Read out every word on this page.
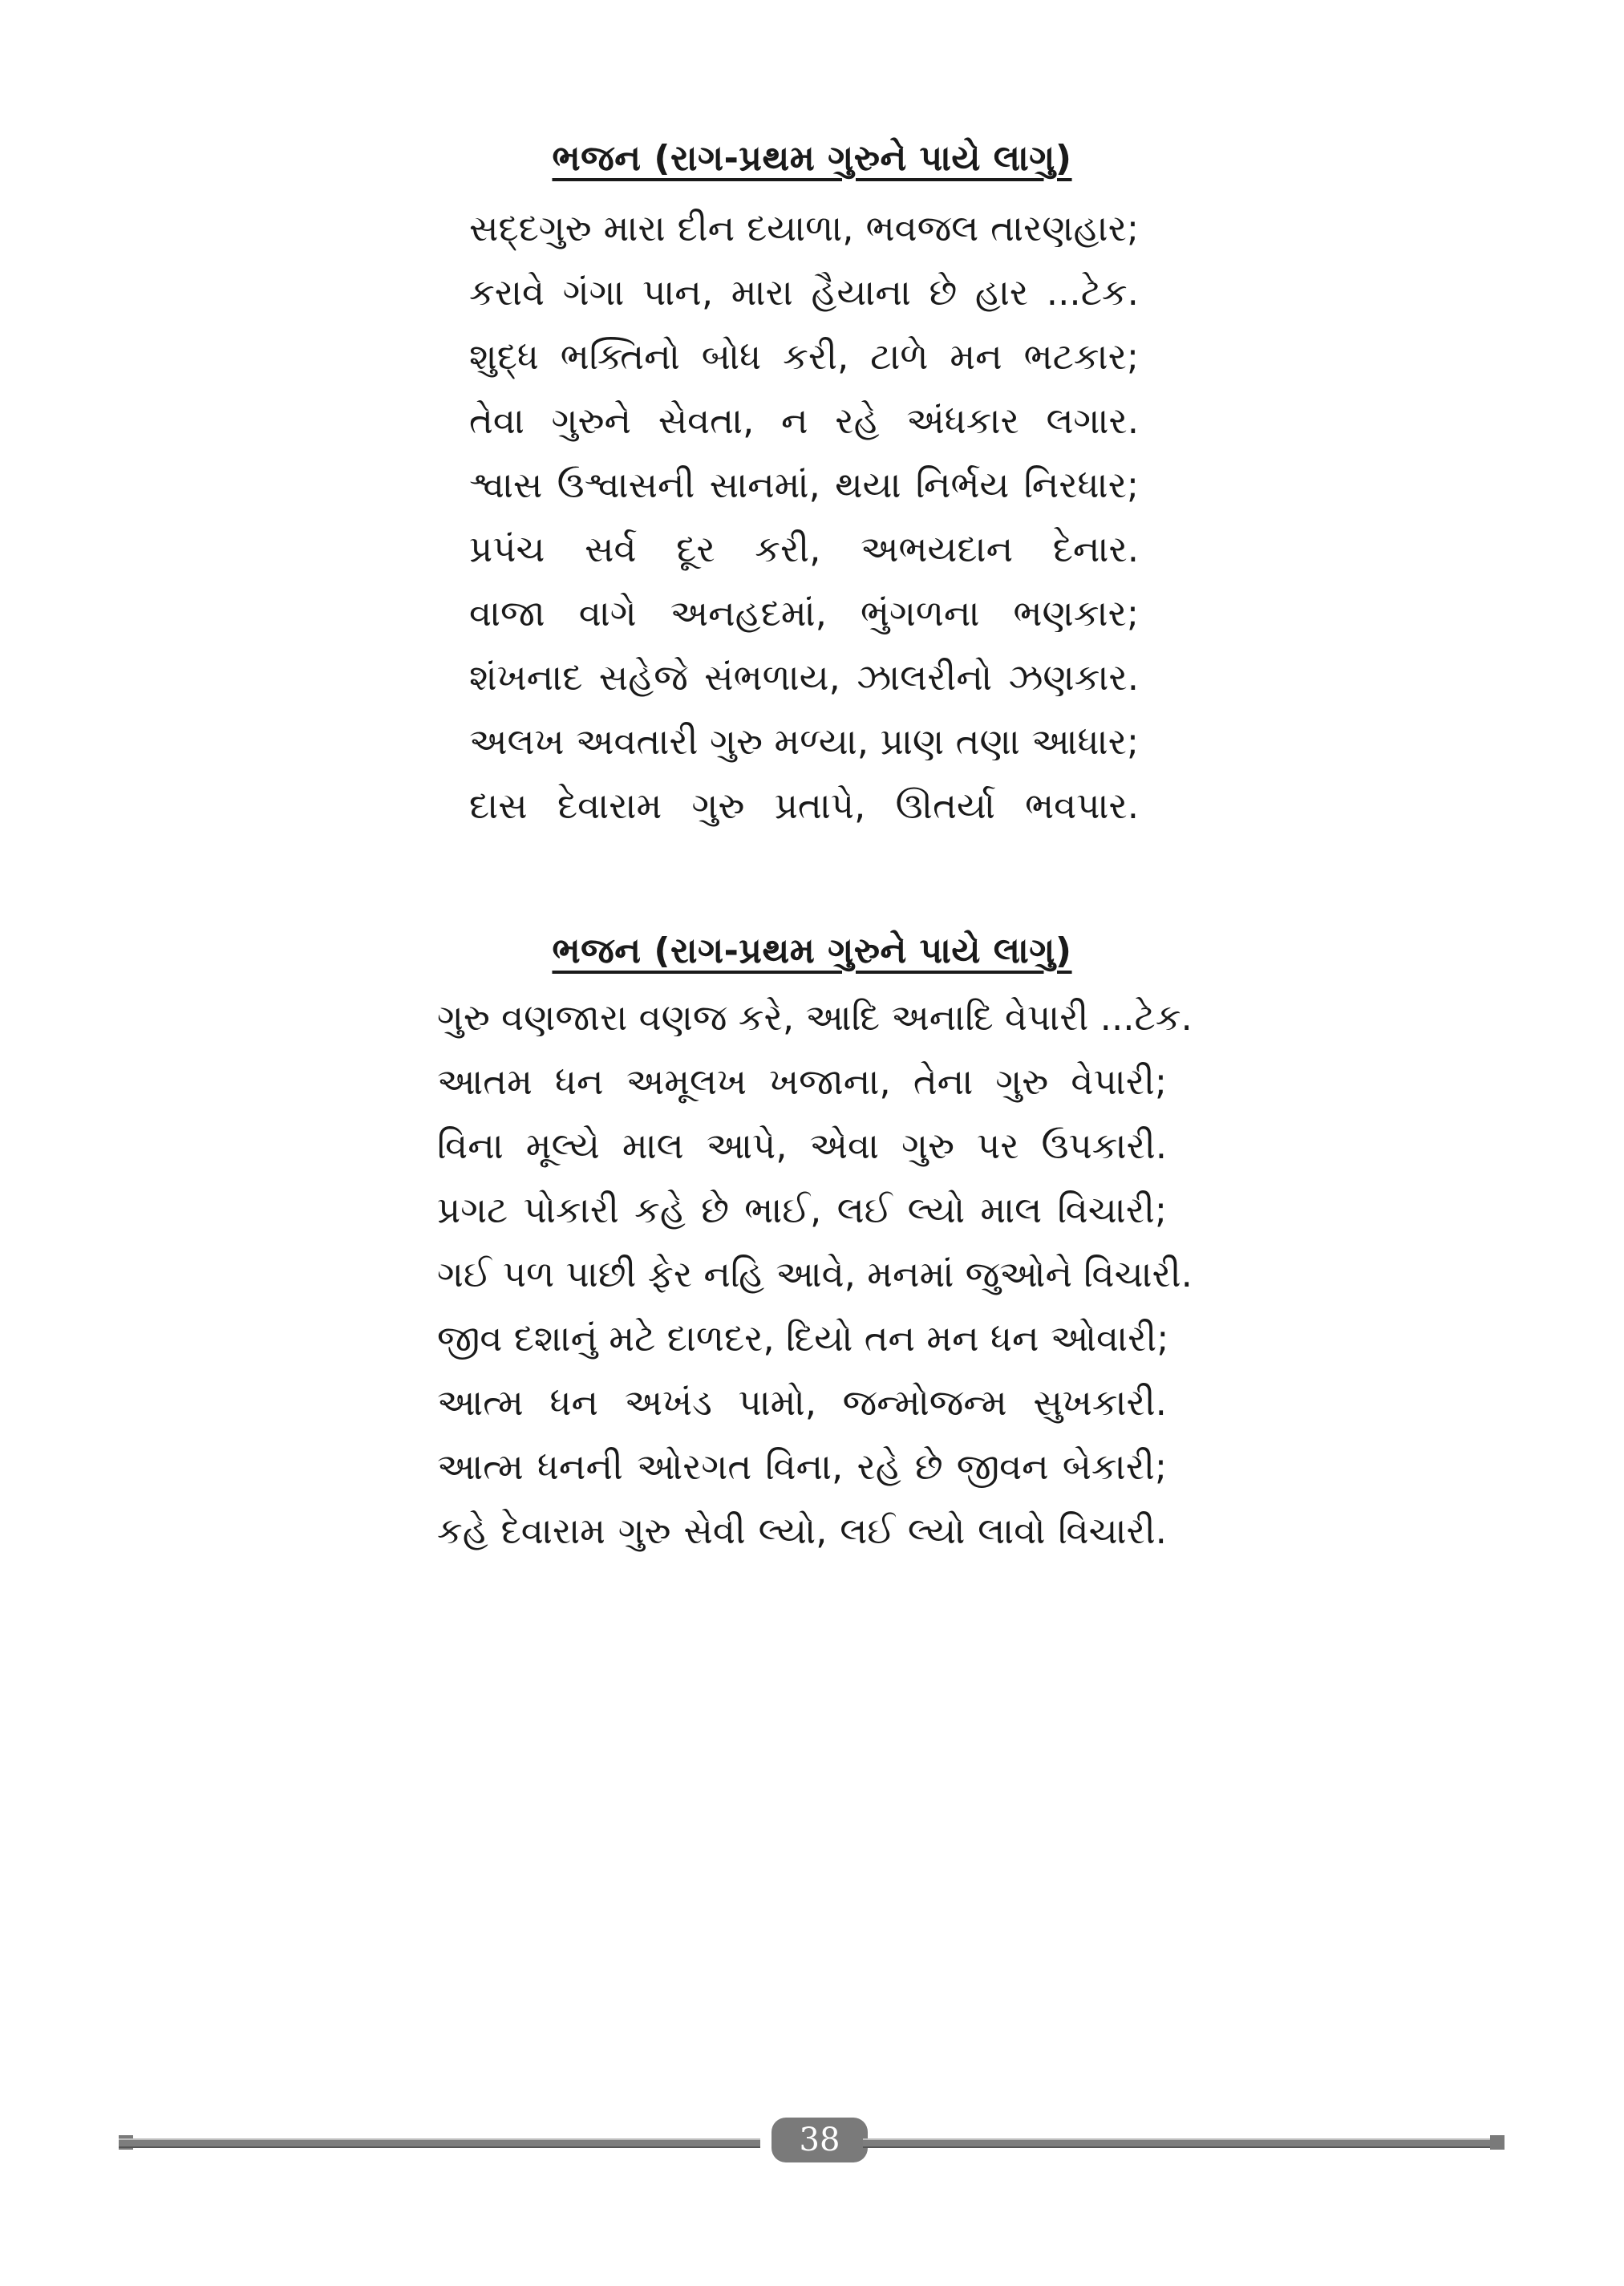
ભજન (રાગ-પ્રથમ ગુરુને પાયે લાગુ)
સદ્દગુરુ મારા દીન દયાળા, ભવજલ તારણહાર;
કરાવે ગંગા પાન, મારા હૈયાના છે હાર ...ટેક.
શુદ્ધ ભક્તિનો બોધ કરી, ટાળે મન ભટકાર;
તેવા ગુરુને સેવતા, ન રહે અંધકાર લગાર.
શ્વાસ ઉશ્વાસની સાનમાં, થયા નિર્ભય નિરધાર;
પ્રપંચ સર્વ દૂર કરી, અભયદાન દેનાર.
વાજા વાગે અનહદમાં, ભુંગળના ભણકાર;
શંખનાદ સહેજે સંભળાય, ઝાલરીનો ઝણકાર.
અલખ અવતારી ગુરુ મળ્યા, પ્રાણ તણા આધાર;
દાસ દેવારામ ગુરુ પ્રતાપે, ઊતર્યા ભવપાર.
ભજન (રાગ-પ્રથમ ગુરુને પાયે લાગુ)
ગુરુ વણજારા વણજ કરે, આદિ અનાદિ વેપારી ...ટેક.
આતમ ધન અમૂલખ ખજાના, તેના ગુરુ વેપારી;
વિના મૂલ્યે માલ આપે, એવા ગુરુ પર ઉપકારી.
પ્રગટ પોકારી કહે છે ભાઈ, લઈ લ્યો માલ વિચારી;
ગઈ પળ પાછી ફેર નહિ આવે, મનમાં જુઓને વિચારી.
જીવ દશાનું મટે દાળદર, દિયો તન મન ધન ઓવારી;
આત્મ ધન અખંડ પામો, જન્મોજન્મ સુખકારી.
આત્મ ધનની ઓરગત વિના, રહે છે જીવન બેકારી;
કહે દેવારામ ગુરુ સેવી લ્યો, લઈ લ્યો લાવો વિચારી.
38
